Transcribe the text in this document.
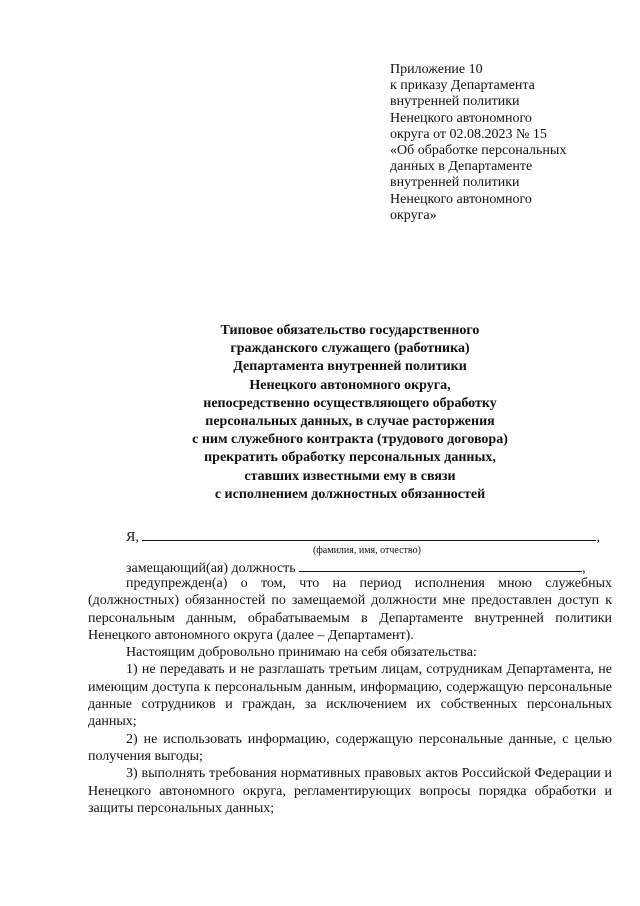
Приложение 10
к приказу Департамента
внутренней политики
Ненецкого автономного
округа от 02.08.2023 № 15
«Об обработке персональных
данных в Департаменте
внутренней политики
Ненецкого автономного
округа»
Типовое обязательство государственного
гражданского служащего (работника)
Департамента внутренней политики
Ненецкого автономного округа,
непосредственно осуществляющего обработку
персональных данных, в случае расторжения
с ним служебного контракта (трудового договора)
прекратить обработку персональных данных,
ставших известными ему в связи
с исполнением должностных обязанностей
Я,	,
(фамилия, имя, отчество)
замещающий(ая) должность	,

предупрежден(а) о том, что на период исполнения мною служебных (должностных) обязанностей по замещаемой должности мне предоставлен доступ к персональным данным, обрабатываемым в Департаменте внутренней политики Ненецкого автономного округа (далее – Департамент).

Настоящим добровольно принимаю на себя обязательства:

1) не передавать и не разглашать третьим лицам, сотрудникам Департамента, не имеющим доступа к персональным данным, информацию, содержащую персональные данные сотрудников и граждан, за исключением их собственных персональных данных;

2) не использовать информацию, содержащую персональные данные, с целью получения выгоды;

3) выполнять требования нормативных правовых актов Российской Федерации и Ненецкого автономного округа, регламентирующих вопросы порядка обработки и защиты персональных данных;
